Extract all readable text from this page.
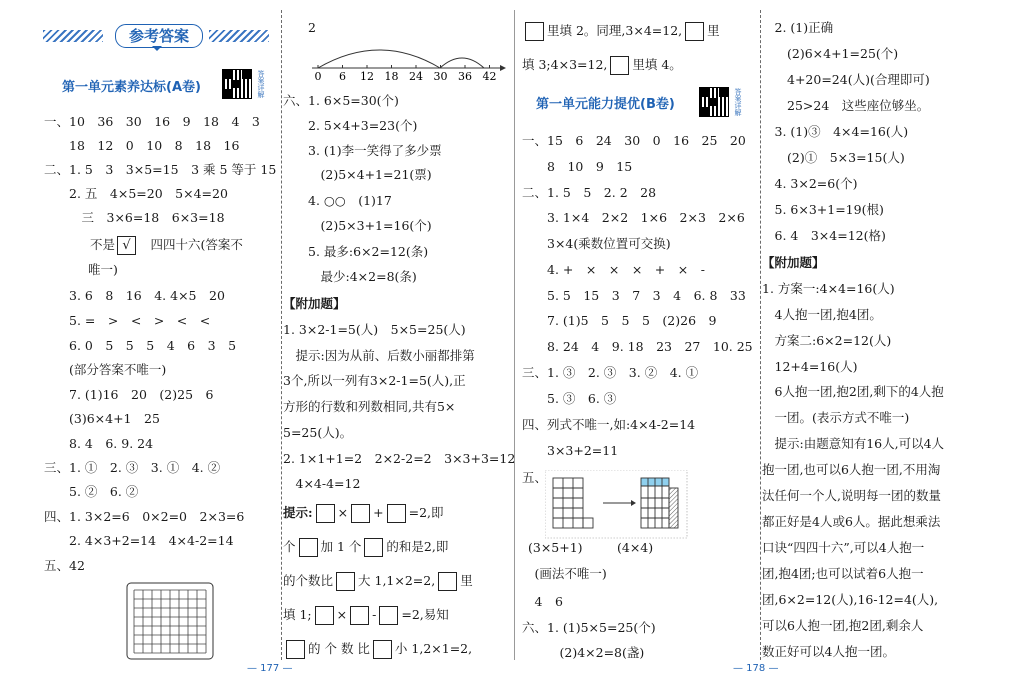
参考答案
第一单元素养达标(A卷)	答案详解
一、10　36　30　16　9　18　4　3
　　18　12　0　10　8　18　16
二、1. 5　3　3×5=15　3 乘 5 等于 15
　　2. 五　4×5=20　5×4=20
　　　三　3×6=18　6×3=18
不是 √　 四四十六(答案不
唯一)
　　3. 6　8　16　4. 4×5　20
　　5. =　>　<　>　<　<
　　6. 0　5　5　5　4　6　3　5
　　(部分答案不唯一)
　　7. (1)16　20　(2)25　6
　　(3)6×4+1　25
　　8. 4　6. 9. 24
三、1. ①　2. ③　3. ①　4. ②
　　5. ②　6. ②
四、1. 3×2=6　0×2=0　2×3=6
　　2. 4×3+2=14　4×4-2=14
五、42
2
0 6 12 18 24 30 36 42
六、1. 6×5=30(个)
　　2. 5×4+3=23(个)
　　3. (1)李一笑得了多少票
　　　(2)5×4+1=21(票)
　　4. ○○　(1)17
　　　(2)5×3+1=16(个)
　　5. 最多:6×2=12(条)
　　　最少:4×2=8(条)
【附加题】
1. 3×2-1=5(人)　5×5=25(人)
　提示:因为从前、后数小丽都排第
3个,所以一列有3×2-1=5(人),正
方形的行数和列数相同,共有5×
5=25(人)。
2. 1×1+1=2　2×2-2=2　3×3+3=12
　4×4-4=12
提示: × + =2,即
个 加 1 个 的和是2,即
的个数比 大 1,1×2=2, 里
填 1; × - =2,易知
的 个 数 比 小 1,2×1=2,
— 177 —
里填 2。同理,3×4=12, 里
填 3;4×3=12, 里填 4。
一、15　6　24　30　0　16　25　20
　　8　10　9　15
二、1. 5　5　2. 2　28
　　3. 1×4　2×2　1×6　2×3　2×6
　　3×4(乘数位置可交换)
　　4. +　×　×　×　+　×　-
　　5. 5　15　3　7　3　4　6. 8　33
　　7. (1)5　5　5　5　(2)26　9
　　8. 24　4　9. 18　23　27　10. 25
三、1. ③　2. ③　3. ②　4. ①
　　5. ③　6. ③
四、列式不唯一,如:4×4-2=14
　　3×3+2=11
五、
(3×5+1)	(4×4)
　(画法不唯一)
　4　6
六、1. (1)5×5=25(个)
　　　(2)4×2=8(盏)
第一单元能力提优(B卷)	答案详解
　2. (1)正确
　　(2)6×4+1=25(个)
　　4+20=24(人)(合理即可)
　　25>24　这些座位够坐。
　3. (1)③　4×4=16(人)
　　(2)①　5×3=15(人)
　4. 3×2=6(个)
　5. 6×3+1=19(根)
　6. 4　3×4=12(格)
【附加题】
1. 方案一:4×4=16(人)
　4人抱一团,抱4团。
　方案二:6×2=12(人)
　12+4=16(人)
　6人抱一团,抱2团,剩下的4人抱
　一团。(表示方式不唯一)
　提示:由题意知有16人,可以4人
抱一团,也可以6人抱一团,不用淘
汰任何一个人,说明每一团的数量
都正好是4人或6人。据此想乘法
口诀“四四十六”,可以4人抱一
团,抱4团;也可以试着6人抱一
团,6×2=12(人),16-12=4(人),
可以6人抱一团,抱2团,剩余人
数正好可以4人抱一团。
— 178 —
